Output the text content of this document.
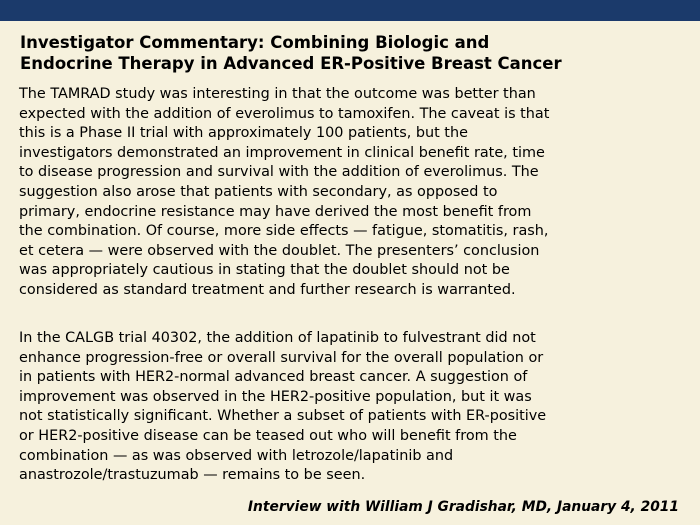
Investigator Commentary: Combining Biologic and
Endocrine Therapy in Advanced ER-Positive Breast Cancer

The TAMRAD study was interesting in that the outcome was better than
expected with the addition of everolimus to tamoxifen. The caveat is that
this is a Phase II trial with approximately 100 patients, but the
investigators demonstrated an improvement in clinical benefit rate, time
to disease progression and survival with the addition of everolimus. The
suggestion also arose that patients with secondary, as opposed to
primary, endocrine resistance may have derived the most benefit from
the combination. Of course, more side effects — fatigue, stomatitis, rash,
et cetera — were observed with the doublet. The presenters’ conclusion
was appropriately cautious in stating that the doublet should not be
considered as standard treatment and further research is warranted.

In the CALGB trial 40302, the addition of lapatinib to fulvestrant did not
enhance progression-free or overall survival for the overall population or
in patients with HER2-normal advanced breast cancer. A suggestion of
improvement was observed in the HER2-positive population, but it was
not statistically significant. Whether a subset of patients with ER-positive
or HER2-positive disease can be teased out who will benefit from the
combination — as was observed with letrozole/lapatinib and
anastrozole/trastuzumab — remains to be seen.

Interview with William J Gradishar, MD, January 4, 2011
